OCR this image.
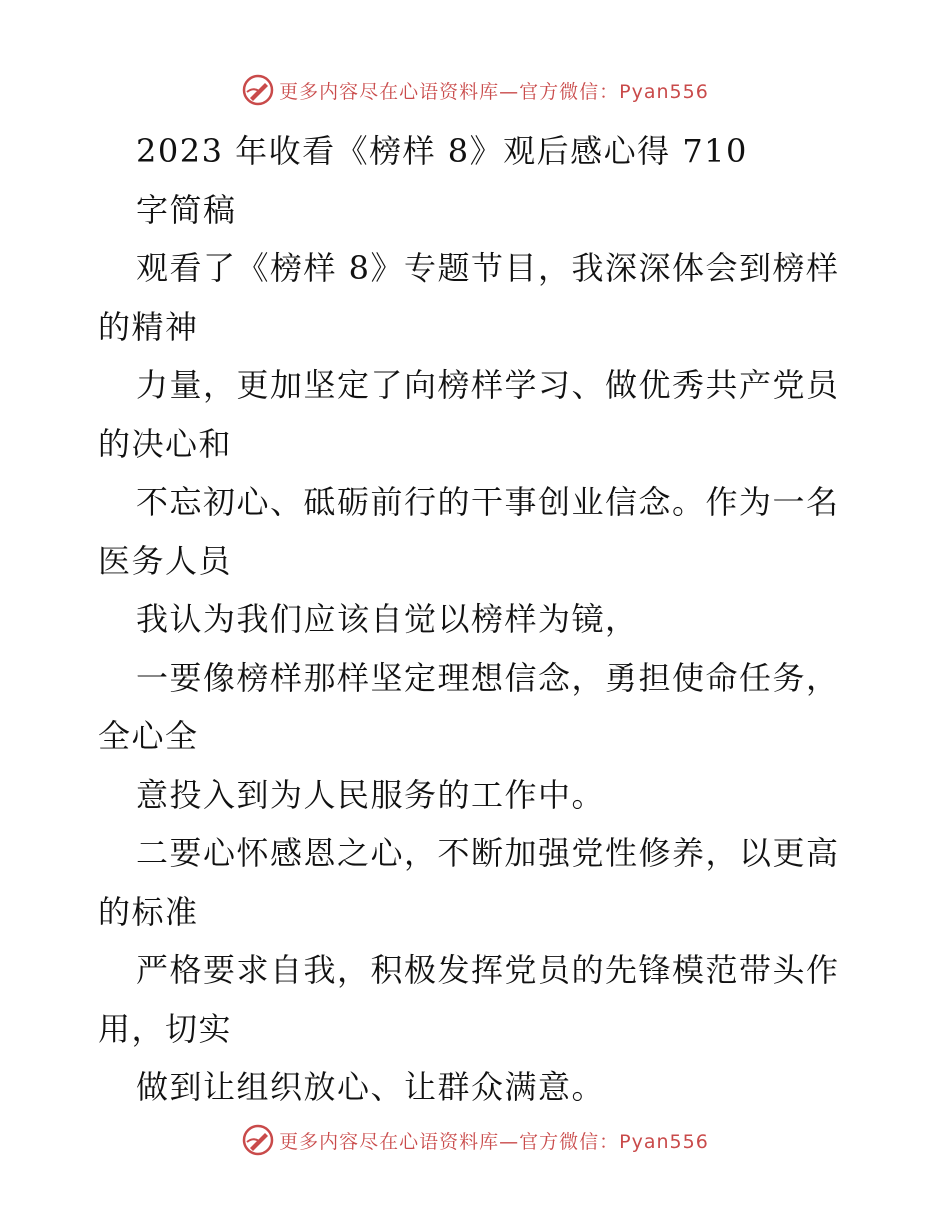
更多内容尽在心语资料库—官方微信：Pyan556
2023 年收看《榜样 8》观后感心得 710
字简稿
观看了《榜样 8》专题节目，我深深体会到榜样
的精神
力量，更加坚定了向榜样学习、做优秀共产党员
的决心和
不忘初心、砥砺前行的干事创业信念。作为一名
医务人员
我认为我们应该自觉以榜样为镜，
一要像榜样那样坚定理想信念，勇担使命任务，
全心全
意投入到为人民服务的工作中。
二要心怀感恩之心，不断加强党性修养，以更高
的标准
严格要求自我，积极发挥党员的先锋模范带头作
用，切实
做到让组织放心、让群众满意。
更多内容尽在心语资料库—官方微信：Pyan556
